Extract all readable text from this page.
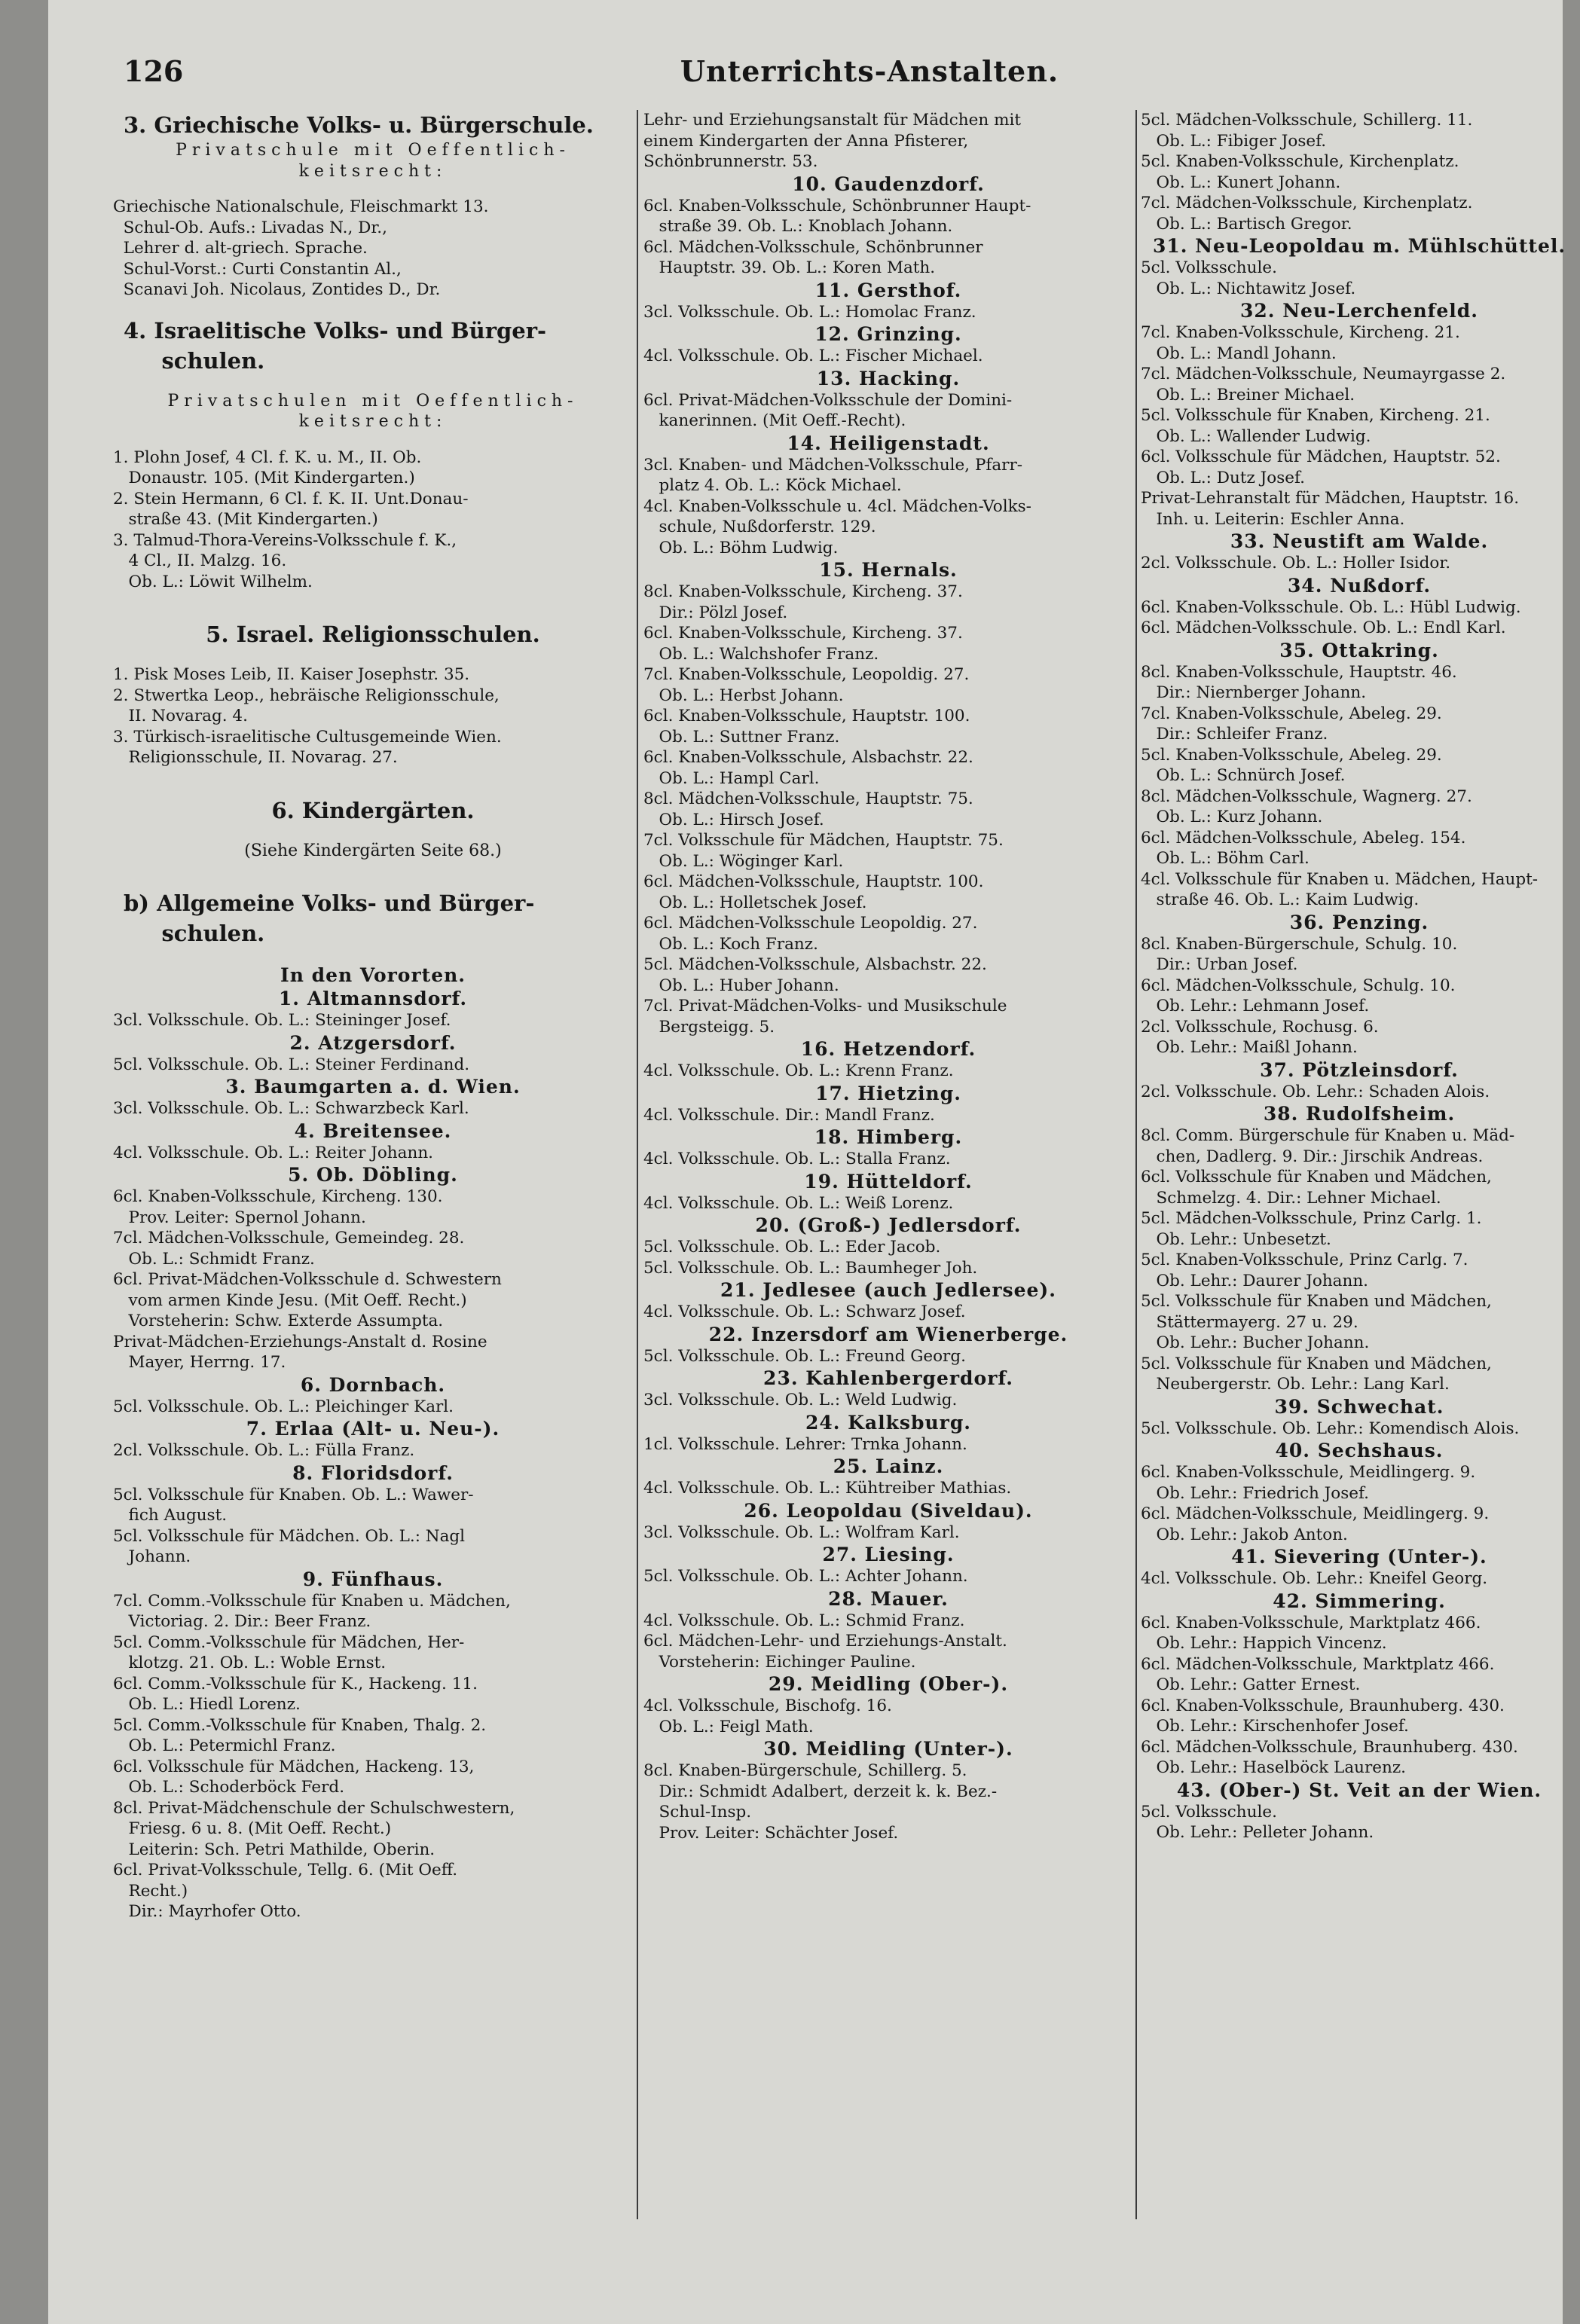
126	Unterrichts-Anstalten.
3. Griechische Volks- u. Bürgerschule.
Privatschule mit Oeffentlich-
keitsrecht:
Griechische Nationalschule, Fleischmarkt 13.
Schul-Ob. Aufs.: Livadas N., Dr.,
Lehrer d. alt-griech. Sprache.
Schul-Vorst.: Curti Constantin Al.,
Scanavi Joh. Nicolaus, Zontides D., Dr.
4. Israelitische Volks- und Bürger-
schulen.
Privatschulen mit Oeffentlich-
keitsrecht:
1. Plohn Josef, 4 Cl. f. K. u. M., II. Ob.
Donaustr. 105. (Mit Kindergarten.)
2. Stein Hermann, 6 Cl. f. K. II. Unt.Donau-
straße 43. (Mit Kindergarten.)
3. Talmud-Thora-Vereins-Volksschule f. K.,
4 Cl., II. Malzg. 16.
Ob. L.: Löwit Wilhelm.
5. Israel. Religionsschulen.
1. Pisk Moses Leib, II. Kaiser Josephstr. 35.
2. Stwertka Leop., hebräische Religionsschule,
II. Novarag. 4.
3. Türkisch-israelitische Cultusgemeinde Wien.
Religionsschule, II. Novarag. 27.
6. Kindergärten.
(Siehe Kindergärten Seite 68.)
b) Allgemeine Volks- und Bürger-
schulen.
In den Vororten.
1. Altmannsdorf.
3cl. Volksschule. Ob. L.: Steininger Josef.
2. Atzgersdorf.
5cl. Volksschule. Ob. L.: Steiner Ferdinand.
3. Baumgarten a. d. Wien.
3cl. Volksschule. Ob. L.: Schwarzbeck Karl.
4. Breitensee.
4cl. Volksschule. Ob. L.: Reiter Johann.
5. Ob. Döbling.
6cl. Knaben-Volksschule, Kircheng. 130.
Prov. Leiter: Spernol Johann.
7cl. Mädchen-Volksschule, Gemeindeg. 28.
Ob. L.: Schmidt Franz.
6cl. Privat-Mädchen-Volksschule d. Schwestern
vom armen Kinde Jesu. (Mit Oeff. Recht.)
Vorsteherin: Schw. Exterde Assumpta.
Privat-Mädchen-Erziehungs-Anstalt d. Rosine
Mayer, Herrng. 17.
6. Dornbach.
5cl. Volksschule. Ob. L.: Pleichinger Karl.
7. Erlaa (Alt- u. Neu-).
2cl. Volksschule. Ob. L.: Fülla Franz.
8. Floridsdorf.
5cl. Volksschule für Knaben. Ob. L.: Wawer-
fich August.
5cl. Volksschule für Mädchen. Ob. L.: Nagl
Johann.
9. Fünfhaus.
7cl. Comm.-Volksschule für Knaben u. Mädchen,
Victoriag. 2. Dir.: Beer Franz.
5cl. Comm.-Volksschule für Mädchen, Her-
klotzg. 21. Ob. L.: Woble Ernst.
6cl. Comm.-Volksschule für K., Hackeng. 11.
Ob. L.: Hiedl Lorenz.
5cl. Comm.-Volksschule für Knaben, Thalg. 2.
Ob. L.: Petermichl Franz.
6cl. Volksschule für Mädchen, Hackeng. 13,
Ob. L.: Schoderböck Ferd.
8cl. Privat-Mädchenschule der Schulschwestern,
Friesg. 6 u. 8. (Mit Oeff. Recht.)
Leiterin: Sch. Petri Mathilde, Oberin.
6cl. Privat-Volksschule, Tellg. 6. (Mit Oeff.
Recht.)
Dir.: Mayrhofer Otto.
Lehr- und Erziehungsanstalt für Mädchen mit
einem Kindergarten der Anna Pfisterer,
Schönbrunnerstr. 53.
10. Gaudenzdorf.
6cl. Knaben-Volksschule, Schönbrunner Haupt-
straße 39. Ob. L.: Knoblach Johann.
6cl. Mädchen-Volksschule, Schönbrunner
Hauptstr. 39. Ob. L.: Koren Math.
11. Gersthof.
3cl. Volksschule. Ob. L.: Homolac Franz.
12. Grinzing.
4cl. Volksschule. Ob. L.: Fischer Michael.
13. Hacking.
6cl. Privat-Mädchen-Volksschule der Domini-
kanerinnen. (Mit Oeff.-Recht).
14. Heiligenstadt.
3cl. Knaben- und Mädchen-Volksschule, Pfarr-
platz 4. Ob. L.: Köck Michael.
4cl. Knaben-Volksschule u. 4cl. Mädchen-Volks-
schule, Nußdorferstr. 129.
Ob. L.: Böhm Ludwig.
15. Hernals.
8cl. Knaben-Volksschule, Kircheng. 37.
Dir.: Pölzl Josef.
6cl. Knaben-Volksschule, Kircheng. 37.
Ob. L.: Walchshofer Franz.
7cl. Knaben-Volksschule, Leopoldig. 27.
Ob. L.: Herbst Johann.
6cl. Knaben-Volksschule, Hauptstr. 100.
Ob. L.: Suttner Franz.
6cl. Knaben-Volksschule, Alsbachstr. 22.
Ob. L.: Hampl Carl.
8cl. Mädchen-Volksschule, Hauptstr. 75.
Ob. L.: Hirsch Josef.
7cl. Volksschule für Mädchen, Hauptstr. 75.
Ob. L.: Wöginger Karl.
6cl. Mädchen-Volksschule, Hauptstr. 100.
Ob. L.: Holletschek Josef.
6cl. Mädchen-Volksschule Leopoldig. 27.
Ob. L.: Koch Franz.
5cl. Mädchen-Volksschule, Alsbachstr. 22.
Ob. L.: Huber Johann.
7cl. Privat-Mädchen-Volks- und Musikschule
Bergsteigg. 5.
16. Hetzendorf.
4cl. Volksschule. Ob. L.: Krenn Franz.
17. Hietzing.
4cl. Volksschule. Dir.: Mandl Franz.
18. Himberg.
4cl. Volksschule. Ob. L.: Stalla Franz.
19. Hütteldorf.
4cl. Volksschule. Ob. L.: Weiß Lorenz.
20. (Groß-) Jedlersdorf.
5cl. Volksschule. Ob. L.: Eder Jacob.
5cl. Volksschule. Ob. L.: Baumheger Joh.
21. Jedlesee (auch Jedlersee).
4cl. Volksschule. Ob. L.: Schwarz Josef.
22. Inzersdorf am Wienerberge.
5cl. Volksschule. Ob. L.: Freund Georg.
23. Kahlenbergerdorf.
3cl. Volksschule. Ob. L.: Weld Ludwig.
24. Kalksburg.
1cl. Volksschule. Lehrer: Trnka Johann.
25. Lainz.
4cl. Volksschule. Ob. L.: Kühtreiber Mathias.
26. Leopoldau (Siveldau).
3cl. Volksschule. Ob. L.: Wolfram Karl.
27. Liesing.
5cl. Volksschule. Ob. L.: Achter Johann.
28. Mauer.
4cl. Volksschule. Ob. L.: Schmid Franz.
6cl. Mädchen-Lehr- und Erziehungs-Anstalt.
Vorsteherin: Eichinger Pauline.
29. Meidling (Ober-).
4cl. Volksschule, Bischofg. 16.
Ob. L.: Feigl Math.
30. Meidling (Unter-).
8cl. Knaben-Bürgerschule, Schillerg. 5.
Dir.: Schmidt Adalbert, derzeit k. k. Bez.-
Schul-Insp.
Prov. Leiter: Schächter Josef.
5cl. Mädchen-Volksschule, Schillerg. 11.
Ob. L.: Fibiger Josef.
5cl. Knaben-Volksschule, Kirchenplatz.
Ob. L.: Kunert Johann.
7cl. Mädchen-Volksschule, Kirchenplatz.
Ob. L.: Bartisch Gregor.
31. Neu-Leopoldau m. Mühlschüttel.
5cl. Volksschule.
Ob. L.: Nichtawitz Josef.
32. Neu-Lerchenfeld.
7cl. Knaben-Volksschule, Kircheng. 21.
Ob. L.: Mandl Johann.
7cl. Mädchen-Volksschule, Neumayrgasse 2.
Ob. L.: Breiner Michael.
5cl. Volksschule für Knaben, Kircheng. 21.
Ob. L.: Wallender Ludwig.
6cl. Volksschule für Mädchen, Hauptstr. 52.
Ob. L.: Dutz Josef.
Privat-Lehranstalt für Mädchen, Hauptstr. 16.
Inh. u. Leiterin: Eschler Anna.
33. Neustift am Walde.
2cl. Volksschule. Ob. L.: Holler Isidor.
34. Nußdorf.
6cl. Knaben-Volksschule. Ob. L.: Hübl Ludwig.
6cl. Mädchen-Volksschule. Ob. L.: Endl Karl.
35. Ottakring.
8cl. Knaben-Volksschule, Hauptstr. 46.
Dir.: Niernberger Johann.
7cl. Knaben-Volksschule, Abeleg. 29.
Dir.: Schleifer Franz.
5cl. Knaben-Volksschule, Abeleg. 29.
Ob. L.: Schnürch Josef.
8cl. Mädchen-Volksschule, Wagnerg. 27.
Ob. L.: Kurz Johann.
6cl. Mädchen-Volksschule, Abeleg. 154.
Ob. L.: Böhm Carl.
4cl. Volksschule für Knaben u. Mädchen, Haupt-
straße 46. Ob. L.: Kaim Ludwig.
36. Penzing.
8cl. Knaben-Bürgerschule, Schulg. 10.
Dir.: Urban Josef.
6cl. Mädchen-Volksschule, Schulg. 10.
Ob. Lehr.: Lehmann Josef.
2cl. Volksschule, Rochusg. 6.
Ob. Lehr.: Maißl Johann.
37. Pötzleinsdorf.
2cl. Volksschule. Ob. Lehr.: Schaden Alois.
38. Rudolfsheim.
8cl. Comm. Bürgerschule für Knaben u. Mäd-
chen, Dadlerg. 9. Dir.: Jirschik Andreas.
6cl. Volksschule für Knaben und Mädchen,
Schmelzg. 4. Dir.: Lehner Michael.
5cl. Mädchen-Volksschule, Prinz Carlg. 1.
Ob. Lehr.: Unbesetzt.
5cl. Knaben-Volksschule, Prinz Carlg. 7.
Ob. Lehr.: Daurer Johann.
5cl. Volksschule für Knaben und Mädchen,
Stättermayerg. 27 u. 29.
Ob. Lehr.: Bucher Johann.
5cl. Volksschule für Knaben und Mädchen,
Neubergerstr. Ob. Lehr.: Lang Karl.
39. Schwechat.
5cl. Volksschule. Ob. Lehr.: Komendisch Alois.
40. Sechshaus.
6cl. Knaben-Volksschule, Meidlingerg. 9.
Ob. Lehr.: Friedrich Josef.
6cl. Mädchen-Volksschule, Meidlingerg. 9.
Ob. Lehr.: Jakob Anton.
41. Sievering (Unter-).
4cl. Volksschule. Ob. Lehr.: Kneifel Georg.
42. Simmering.
6cl. Knaben-Volksschule, Marktplatz 466.
Ob. Lehr.: Happich Vincenz.
6cl. Mädchen-Volksschule, Marktplatz 466.
Ob. Lehr.: Gatter Ernest.
6cl. Knaben-Volksschule, Braunhuberg. 430.
Ob. Lehr.: Kirschenhofer Josef.
6cl. Mädchen-Volksschule, Braunhuberg. 430.
Ob. Lehr.: Haselböck Laurenz.
43. (Ober-) St. Veit an der Wien.
5cl. Volksschule.
Ob. Lehr.: Pelleter Johann.
